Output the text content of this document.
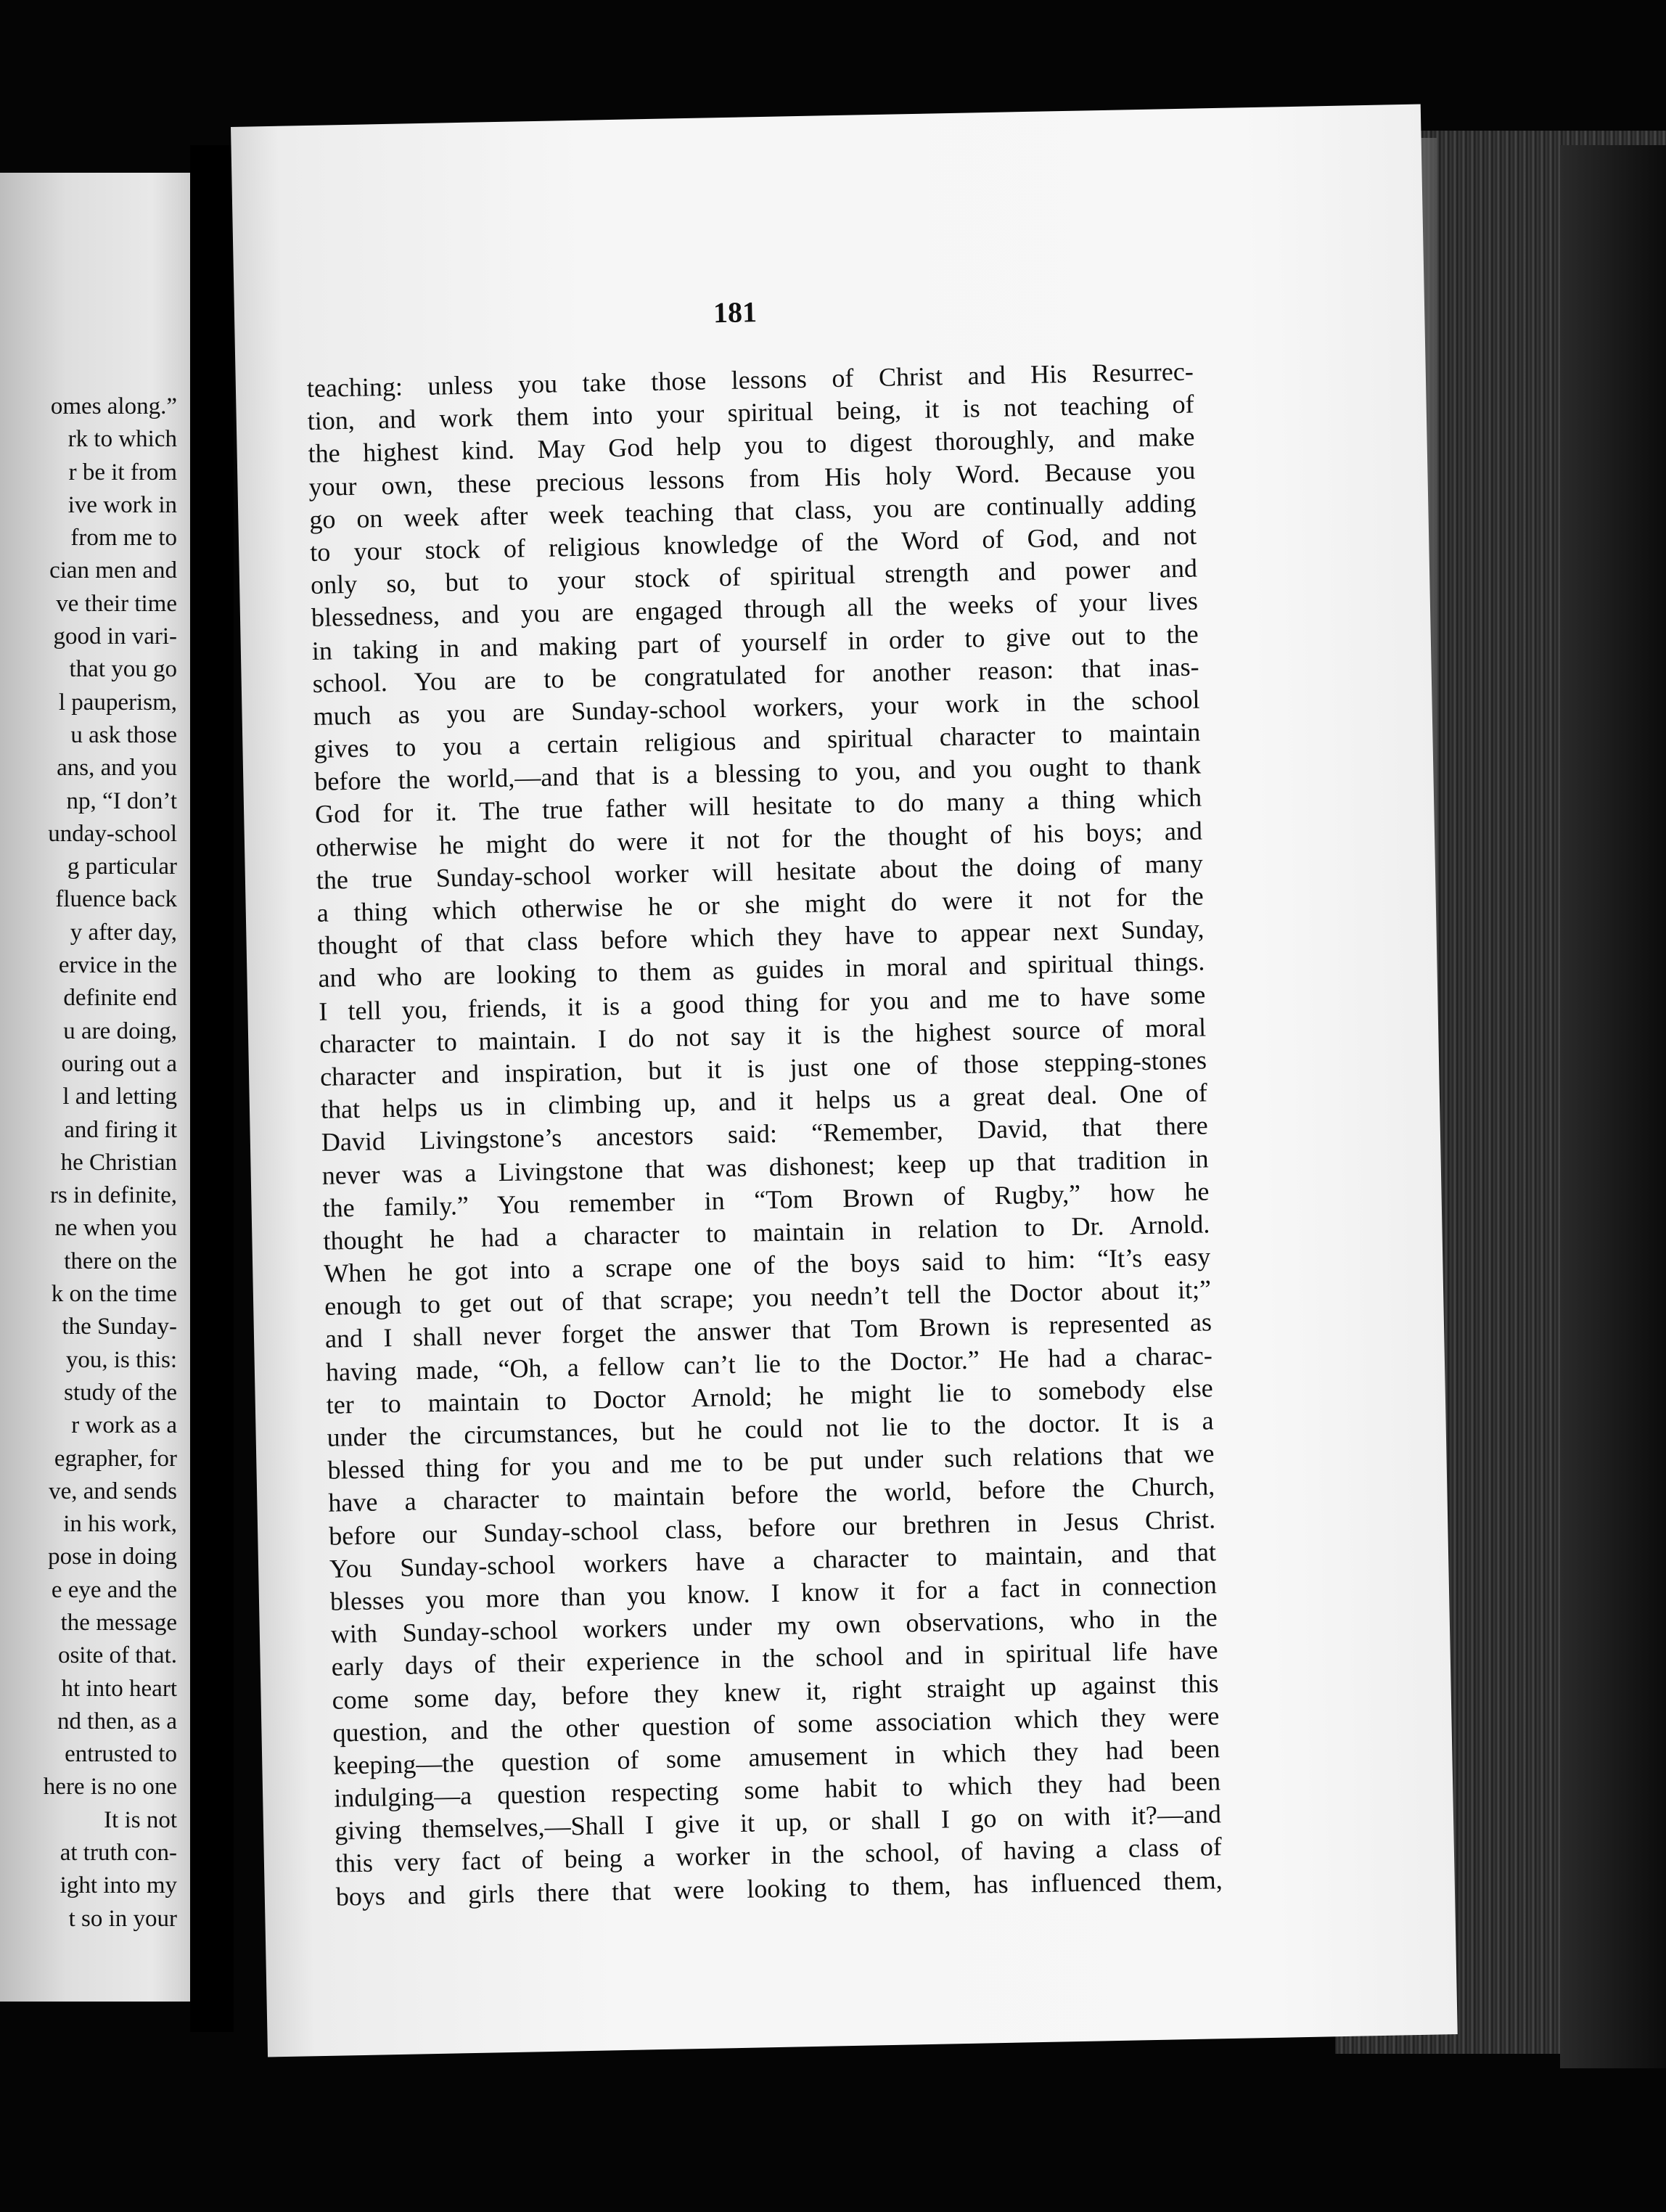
omes along.”
rk to which
r be it from
ive work in
from me to
cian men and
ve their time
good in vari-
that you go
l pauperism,
u ask those
ans, and you
np, “I don’t
unday-school
g particular
fluence back
y after day,
ervice in the
definite end
u are doing,
ouring out a
l and letting
and firing it
he Christian
rs in definite,
ne when you
there on the
k on the time
the Sunday-
you, is this:
study of the
r work as a
egrapher, for
ve, and sends
in his work,
pose in doing
e eye and the
the message
osite of that.
ht into heart
nd then, as a
entrusted to
here is no one
It is not
at truth con-
ight into my
t so in your
181
teaching: unless you take those lessons of Christ and His Resurrec-
tion, and work them into your spiritual being, it is not teaching of
the highest kind. May God help you to digest thoroughly, and make
your own, these precious lessons from His holy Word. Because you
go on week after week teaching that class, you are continually adding
to your stock of religious knowledge of the Word of God, and not
only so, but to your stock of spiritual strength and power and
blessedness, and you are engaged through all the weeks of your lives
in taking in and making part of yourself in order to give out to the
school. You are to be congratulated for another reason: that inas-
much as you are Sunday-school workers, your work in the school
gives to you a certain religious and spiritual character to maintain
before the world,—and that is a blessing to you, and you ought to thank
God for it. The true father will hesitate to do many a thing which
otherwise he might do were it not for the thought of his boys; and
the true Sunday-school worker will hesitate about the doing of many
a thing which otherwise he or she might do were it not for the
thought of that class before which they have to appear next Sunday,
and who are looking to them as guides in moral and spiritual things.
I tell you, friends, it is a good thing for you and me to have some
character to maintain. I do not say it is the highest source of moral
character and inspiration, but it is just one of those stepping-stones
that helps us in climbing up, and it helps us a great deal. One of
David Livingstone’s ancestors said: “Remember, David, that there
never was a Livingstone that was dishonest; keep up that tradition in
the family.” You remember in “Tom Brown of Rugby,” how he
thought he had a character to maintain in relation to Dr. Arnold.
When he got into a scrape one of the boys said to him: “It’s easy
enough to get out of that scrape; you needn’t tell the Doctor about it;”
and I shall never forget the answer that Tom Brown is represented as
having made, “Oh, a fellow can’t lie to the Doctor.” He had a charac-
ter to maintain to Doctor Arnold; he might lie to somebody else
under the circumstances, but he could not lie to the doctor. It is a
blessed thing for you and me to be put under such relations that we
have a character to maintain before the world, before the Church,
before our Sunday-school class, before our brethren in Jesus Christ.
You Sunday-school workers have a character to maintain, and that
blesses you more than you know. I know it for a fact in connection
with Sunday-school workers under my own observations, who in the
early days of their experience in the school and in spiritual life have
come some day, before they knew it, right straight up against this
question, and the other question of some association which they were
keeping—the question of some amusement in which they had been
indulging—a question respecting some habit to which they had been
giving themselves,—Shall I give it up, or shall I go on with it?—and
this very fact of being a worker in the school, of having a class of
boys and girls there that were looking to them, has influenced them,
